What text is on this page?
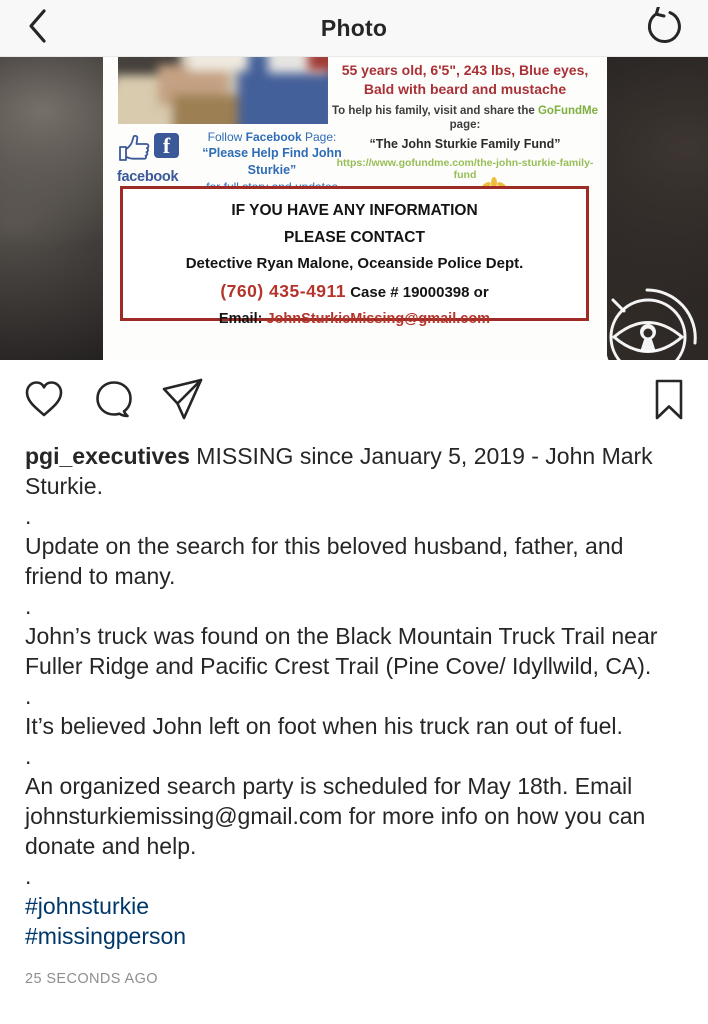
Photo
55 years old, 6'5", 243 lbs, Blue eyes,
Bald with beard and mustache
To help his family, visit and share the GoFundMe page:
“The John Sturkie Family Fund”
https://www.gofundme.com/the-john-sturkie-family-fund
f
facebook
Follow Facebook Page:
“Please Help Find John Sturkie”
IF YOU HAVE ANY INFORMATION
PLEASE CONTACT
Detective Ryan Malone, Oceanside Police Dept.
(760) 435-4911 Case # 19000398 or
Email: JohnSturkieMissing@gmail.com

pgi_executives MISSING since January 5, 2019 - John Mark Sturkie.

.

Update on the search for this beloved husband, father, and friend to many.

.

John’s truck was found on the Black Mountain Truck Trail near Fuller Ridge and Pacific Crest Trail (Pine Cove/ Idyllwild, CA).

.

It’s believed John left on foot when his truck ran out of fuel.

.

An organized search party is scheduled for May 18th. Email johnsturkiemissing@gmail.com for more info on how you can donate and help.

.

#johnsturkie
#missingperson
25 SECONDS AGO
